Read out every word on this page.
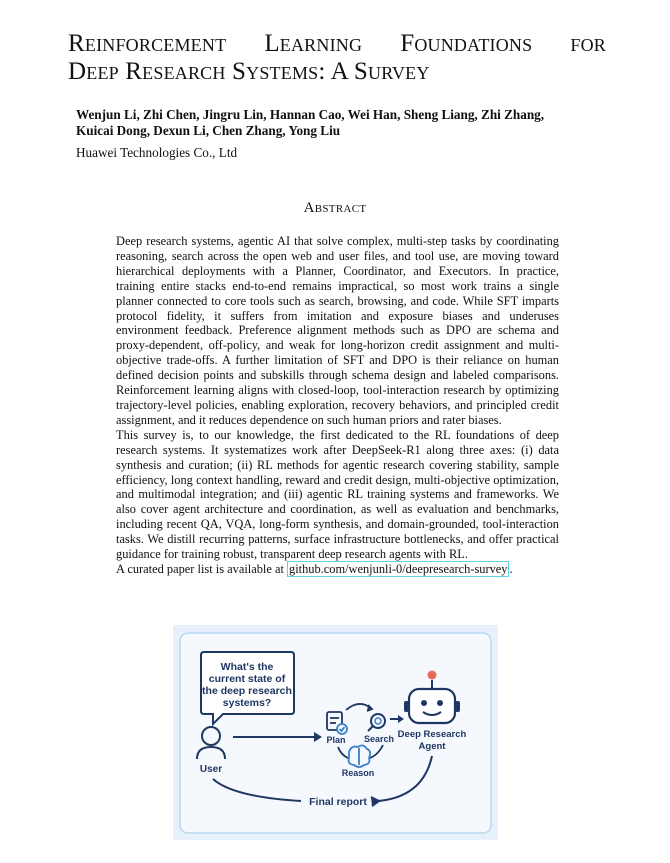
Reinforcement Learning Foundations for
Deep Research Systems: A Survey
Wenjun Li, Zhi Chen, Jingru Lin, Hannan Cao, Wei Han, Sheng Liang, Zhi Zhang,
Kuicai Dong, Dexun Li, Chen Zhang, Yong Liu
Huawei Technologies Co., Ltd
Abstract

Deep research systems, agentic AI that solve complex, multi-step tasks by coordinating reasoning, search across the open web and user files, and tool use, are moving toward hierarchical deployments with a Planner, Coordinator, and Executors. In practice, training entire stacks end-to-end remains impractical, so most work trains a single planner connected to core tools such as search, browsing, and code. While SFT imparts protocol fidelity, it suffers from imitation and exposure biases and underuses environment feedback. Preference alignment methods such as DPO are schema and proxy-dependent, off-policy, and weak for long-horizon credit assignment and multi-objective trade-offs. A further limitation of SFT and DPO is their reliance on human defined decision points and subskills through schema design and labeled comparisons. Reinforcement learning aligns with closed-loop, tool-interaction research by optimizing trajectory-level policies, enabling exploration, recovery behaviors, and principled credit assignment, and it reduces dependence on such human priors and rater biases.

This survey is, to our knowledge, the first dedicated to the RL foundations of deep research systems. It systematizes work after DeepSeek-R1 along three axes: (i) data synthesis and curation; (ii) RL methods for agentic research covering stability, sample efficiency, long context handling, reward and credit design, multi-objective optimization, and multimodal integration; and (iii) agentic RL training systems and frameworks. We also cover agent architecture and coordination, as well as evaluation and benchmarks, including recent QA, VQA, long-form synthesis, and domain-grounded, tool-interaction tasks. We distill recurring patterns, surface infrastructure bottlenecks, and offer practical guidance for training robust, transparent deep research agents with RL.

A curated paper list is available at github.com/wenjunli-0/deepresearch-survey .

What's the
current state of
the deep research
systems?
User
Plan Search
Reason
Deep Research
Agent
Final report
